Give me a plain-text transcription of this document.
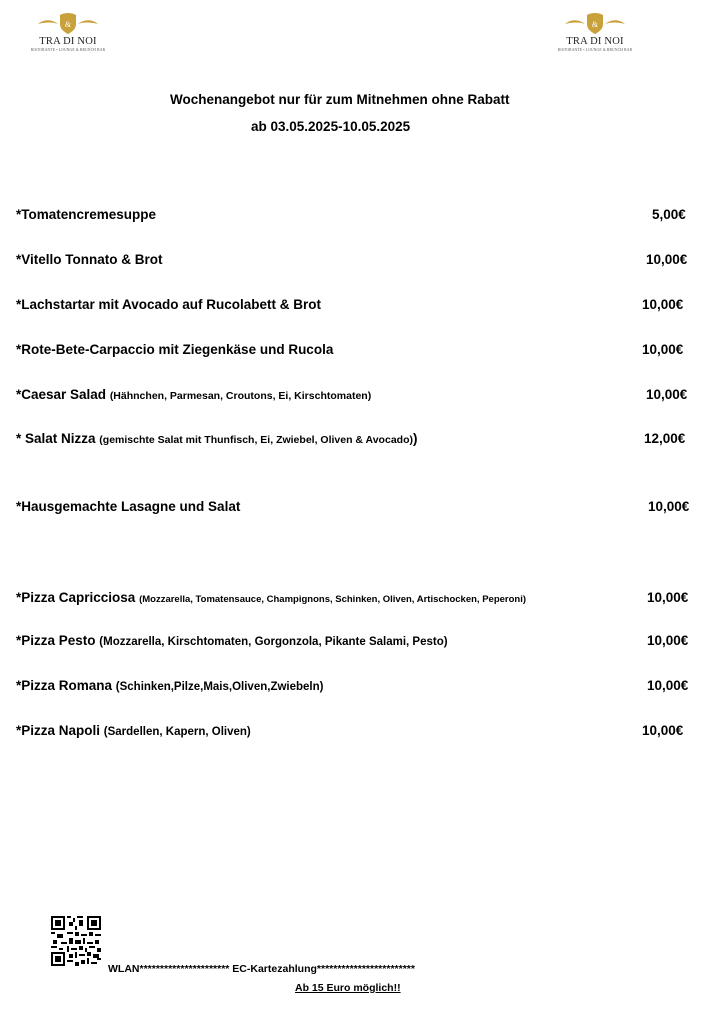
&
TRA DI NOI
RISTORANTE • LOUNGE & BRUNCH BAR
&
TRA DI NOI
RISTORANTE • LOUNGE & BRUNCH BAR
Wochenangebot nur für zum Mitnehmen ohne Rabatt
ab 03.05.2025-10.05.2025
*Tomatencremesuppe	5,00€
*Vitello Tonnato & Brot	10,00€
*Lachstartar mit Avocado auf Rucolabett & Brot	10,00€
*Rote-Bete-Carpaccio mit Ziegenkäse und Rucola	10,00€
*Caesar Salad (Hähnchen, Parmesan, Croutons, Ei, Kirschtomaten)	10,00€
* Salat Nizza (gemischte Salat mit Thunfisch, Ei, Zwiebel, Oliven & Avocado))	12,00€
*Hausgemachte Lasagne und Salat	10,00€
*Pizza Capricciosa (Mozzarella, Tomatensauce, Champignons, Schinken, Oliven, Artischocken, Peperoni)	10,00€
*Pizza Pesto (Mozzarella, Kirschtomaten, Gorgonzola, Pikante Salami, Pesto)	10,00€
*Pizza Romana (Schinken,Pilze,Mais,Oliven,Zwiebeln)	10,00€
*Pizza Napoli (Sardellen, Kapern, Oliven)	10,00€
WLAN********************** EC-Kartezahlung************************
Ab 15 Euro möglich!!
